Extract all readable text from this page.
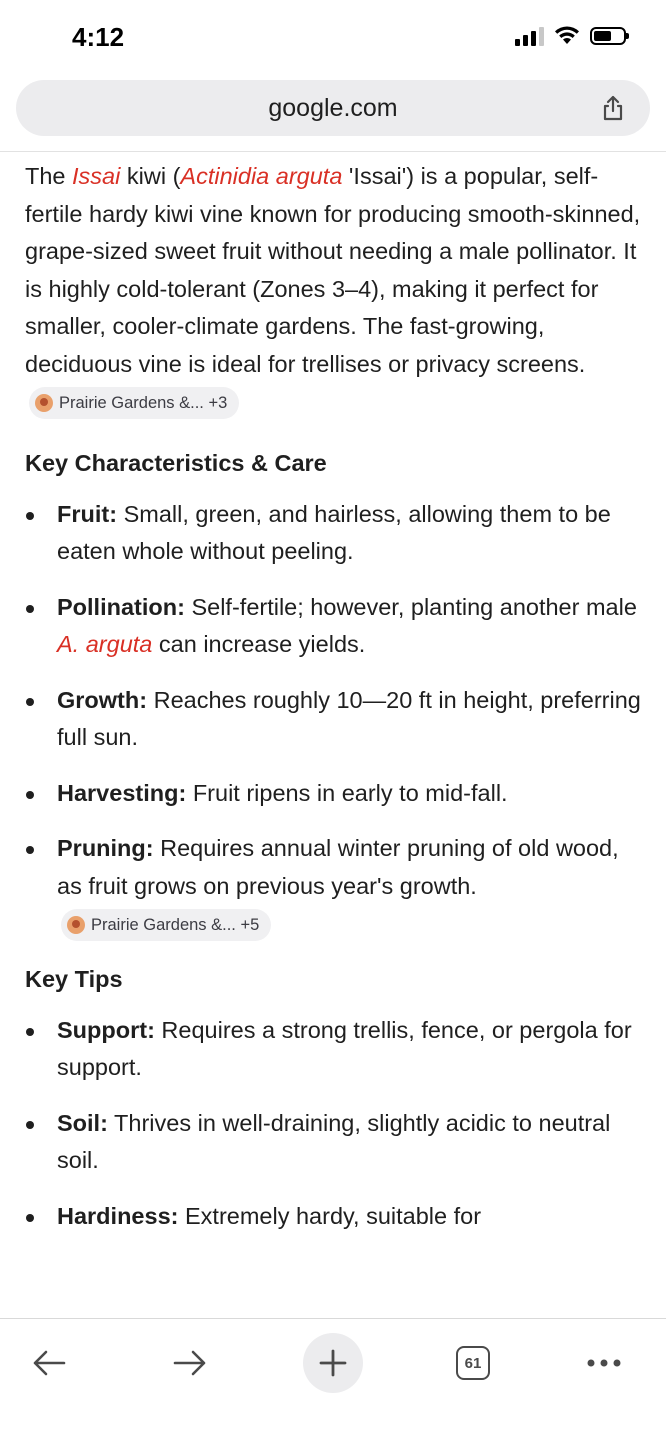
4:12
google.com

The Issai kiwi (Actinidia arguta 'Issai') is a popular, self-fertile hardy kiwi vine known for producing smooth-skinned, grape-sized sweet fruit without needing a male pollinator. It is highly cold-tolerant (Zones 3–4), making it perfect for smaller, cooler-climate gardens. The fast-growing, deciduous vine is ideal for trellises or privacy screens.
Prairie Gardens &... +3

Key Characteristics & Care
Fruit: Small, green, and hairless, allowing them to be eaten whole without peeling.
Pollination: Self-fertile; however, planting another male A. arguta can increase yields.
Growth: Reaches roughly 10—20 ft in height, preferring full sun.
Harvesting: Fruit ripens in early to mid-fall.
Pruning: Requires annual winter pruning of old wood, as fruit grows on previous year's growth.
Prairie Gardens &... +5
Key Tips
Support: Requires a strong trellis, fence, or pergola for support.
Soil: Thrives in well-draining, slightly acidic to neutral soil.
Hardiness: Extremely hardy, suitable for
61
